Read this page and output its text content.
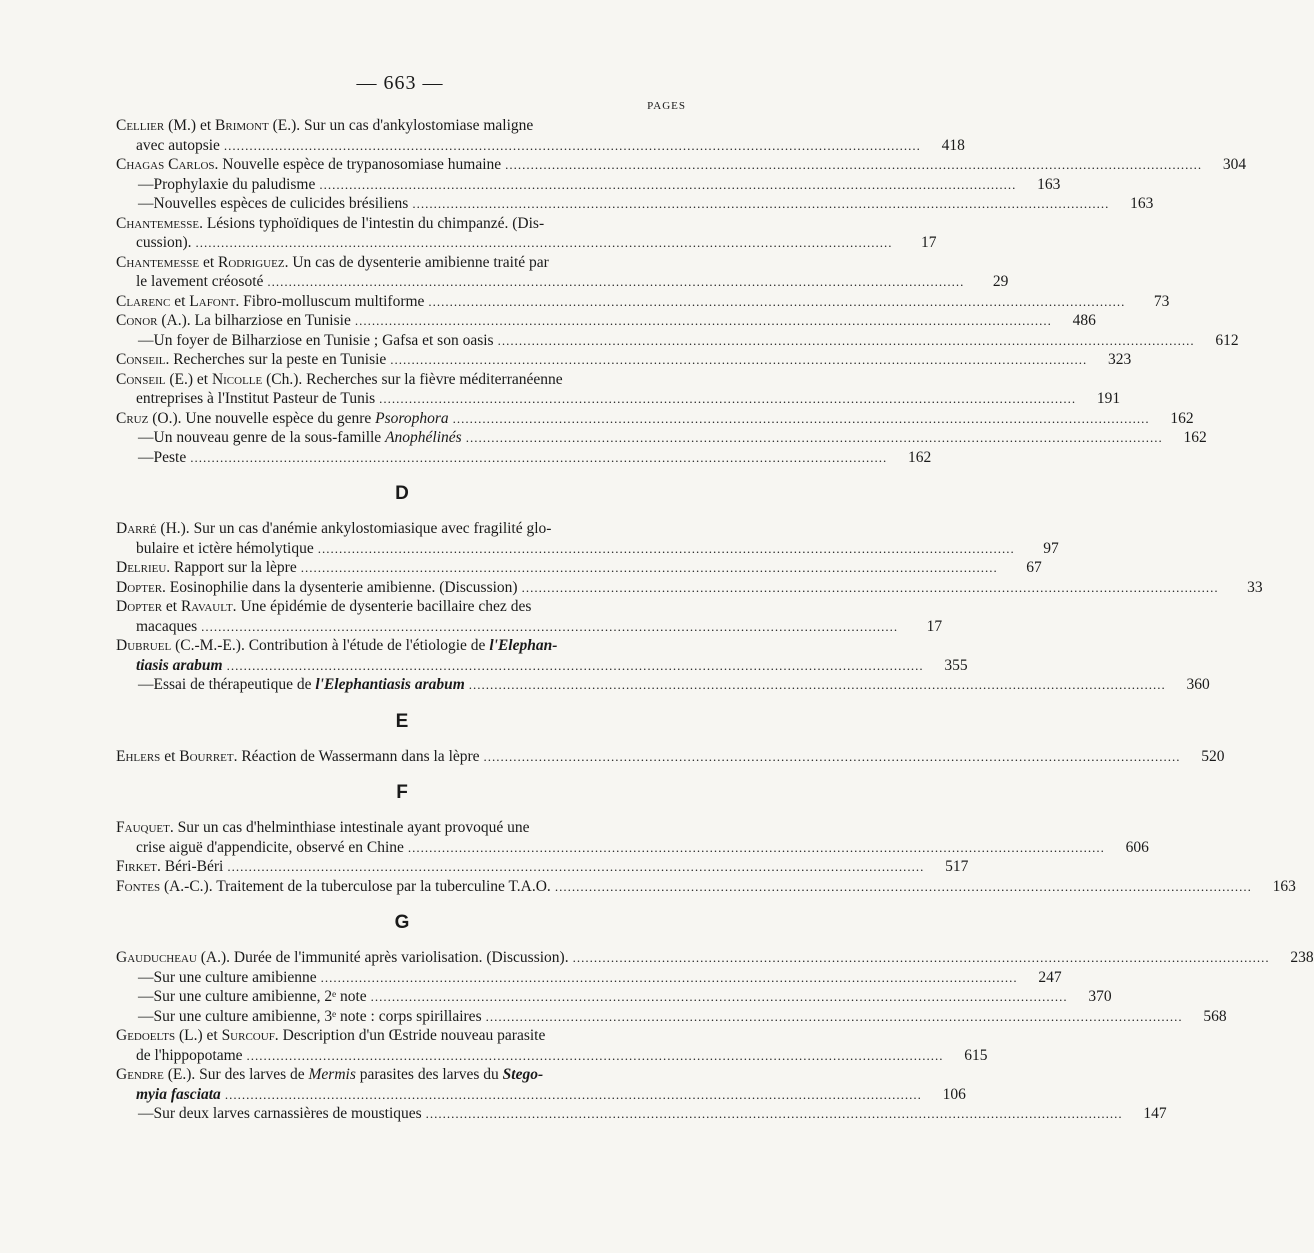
— 663 —
PAGES
Cellier (M.) et Brimont (E.). Sur un cas d'ankylostomiase maligne
avec autopsie ....................................................................................................................................................................	418
Chagas Carlos. Nouvelle espèce de trypanosomiase humaine ....................................................................................................................................................................	304
— Prophylaxie du paludisme ....................................................................................................................................................................	163
— Nouvelles espèces de culicides brésiliens ....................................................................................................................................................................	163
Chantemesse. Lésions typhoïdiques de l'intestin du chimpanzé. (Dis-
cussion). ....................................................................................................................................................................	17
Chantemesse et Rodriguez. Un cas de dysenterie amibienne traité par
le lavement créosoté ....................................................................................................................................................................	29
Clarenc et Lafont. Fibro-molluscum multiforme ....................................................................................................................................................................	73
Conor (A.). La bilharziose en Tunisie ....................................................................................................................................................................	486
— Un foyer de Bilharziose en Tunisie ; Gafsa et son oasis ....................................................................................................................................................................	612
Conseil. Recherches sur la peste en Tunisie ....................................................................................................................................................................	323
Conseil (E.) et Nicolle (Ch.). Recherches sur la fièvre méditerranéenne
entreprises à l'Institut Pasteur de Tunis ....................................................................................................................................................................	191
Cruz (O.). Une nouvelle espèce du genre Psorophora ....................................................................................................................................................................	162
— Un nouveau genre de la sous-famille Anophélinés ....................................................................................................................................................................	162
— Peste ....................................................................................................................................................................	162
D
Darré (H.). Sur un cas d'anémie ankylostomiasique avec fragilité glo-
bulaire et ictère hémolytique ....................................................................................................................................................................	97
Delrieu. Rapport sur la lèpre ....................................................................................................................................................................	67
Dopter. Eosinophilie dans la dysenterie amibienne. (Discussion) ....................................................................................................................................................................	33
Dopter et Ravault. Une épidémie de dysenterie bacillaire chez des
macaques ....................................................................................................................................................................	17
Dubruel (C.-M.-E.). Contribution à l'étude de l'étiologie de l'Elephan-
tiasis arabum ....................................................................................................................................................................	355
— Essai de thérapeutique de l'Elephantiasis arabum ....................................................................................................................................................................	360
E
Ehlers et Bourret. Réaction de Wassermann dans la lèpre ....................................................................................................................................................................	520
F
Fauquet. Sur un cas d'helminthiase intestinale ayant provoqué une
crise aiguë d'appendicite, observé en Chine ....................................................................................................................................................................	606
Firket. Béri-Béri ....................................................................................................................................................................	517
Fontes (A.-C.). Traitement de la tuberculose par la tuberculine T.A.O. ....................................................................................................................................................................	163
G
Gauducheau (A.). Durée de l'immunité après variolisation. (Discussion). ....................................................................................................................................................................	238
— Sur une culture amibienne ....................................................................................................................................................................	247
— Sur une culture amibienne, 2ᵉ note ....................................................................................................................................................................	370
— Sur une culture amibienne, 3ᵉ note : corps spirillaires ....................................................................................................................................................................	568
Gedoelts (L.) et Surcouf. Description d'un Œstride nouveau parasite
de l'hippopotame ....................................................................................................................................................................	615
Gendre (E.). Sur des larves de Mermis parasites des larves du Stego-
myia fasciata ....................................................................................................................................................................	106
— Sur deux larves carnassières de moustiques ....................................................................................................................................................................	147
